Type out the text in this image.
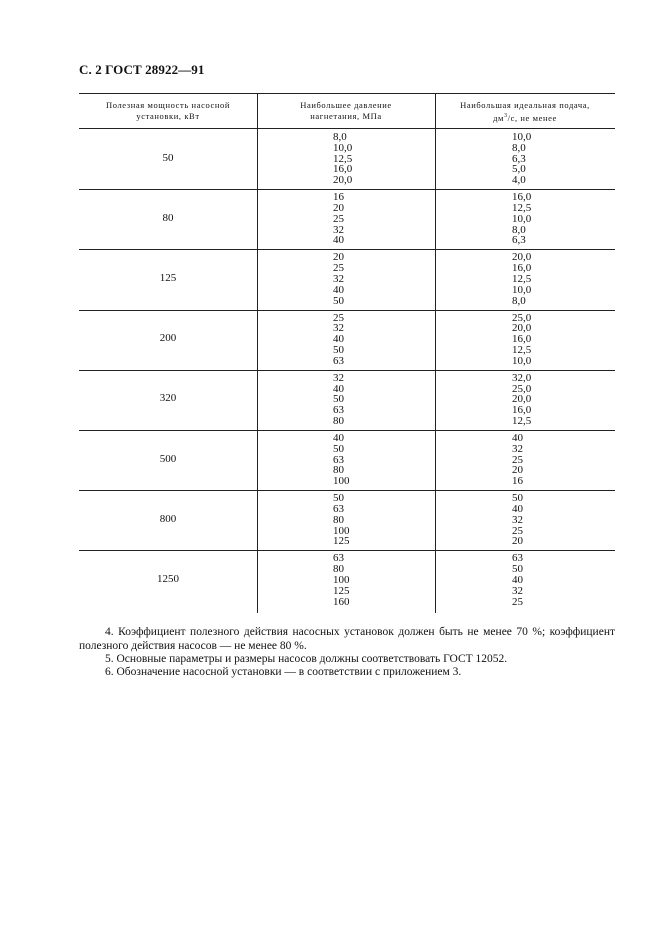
С. 2 ГОСТ 28922—91
Полезная мощность насосной
установки, кВт
Наибольшее давление
нагнетания, МПа
Наибольшая идеальная подача,
$дм^3/с$, не менее
50
8,0
10,0
12,5
16,0
20,0
10,0
8,0
6,3
5,0
4,0
80
16
20
25
32
40
16,0
12,5
10,0
8,0
6,3
125
20
25
32
40
50
20,0
16,0
12,5
10,0
8,0
200
25
32
40
50
63
25,0
20,0
16,0
12,5
10,0
320
32
40
50
63
80
32,0
25,0
20,0
16,0
12,5
500
40
50
63
80
100
40
32
25
20
16
800
50
63
80
100
125
50
40
32
25
20
1250
63
80
100
125
160
63
50
40
32
25
4. Коэффициент полезного действия насосных установок должен быть не менее 70 %; коэффициент полезного действия насосов — не менее 80 %.
5. Основные параметры и размеры насосов должны соответствовать ГОСТ 12052.
6. Обозначение насосной установки — в соответствии с приложением 3.
